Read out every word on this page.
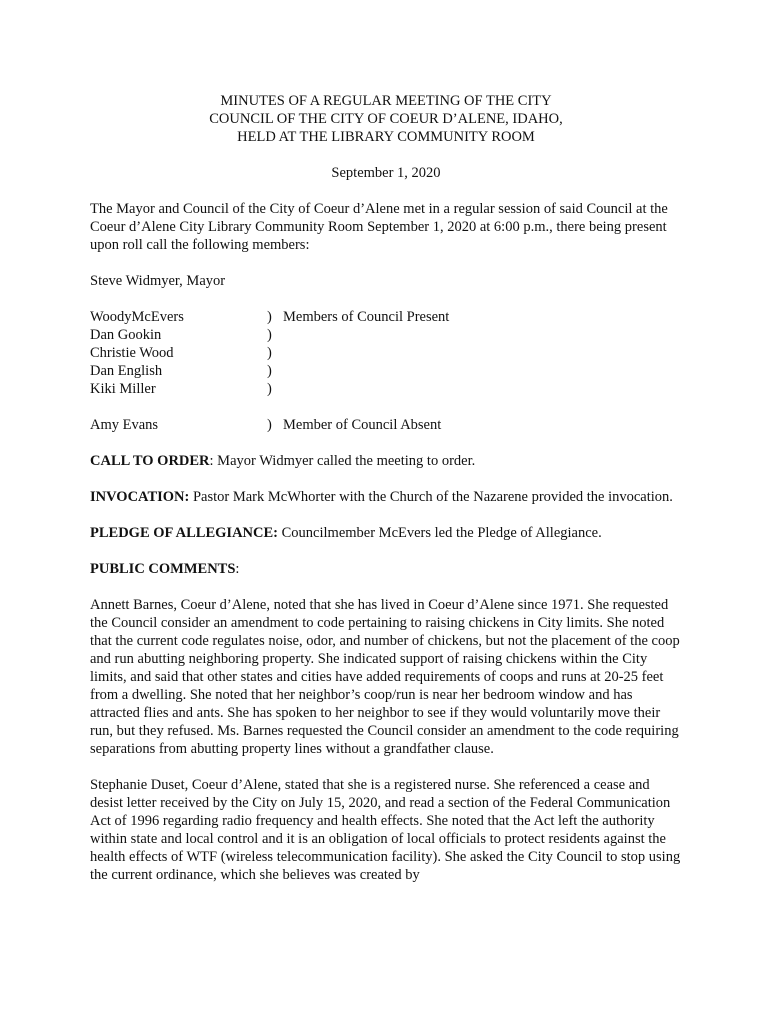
MINUTES OF A REGULAR MEETING OF THE CITY
COUNCIL OF THE CITY OF COEUR D’ALENE, IDAHO,
HELD AT THE LIBRARY COMMUNITY ROOM
September 1, 2020

The Mayor and Council of the City of Coeur d’Alene met in a regular session of said Council at the Coeur d’Alene City Library Community Room September 1, 2020 at 6:00 p.m., there being present upon roll call the following members:

Steve Widmyer, Mayor

WoodyMcEvers	) Members of Council Present
Dan Gookin	)
Christie Wood	)
Dan English	)
Kiki Miller	)
Amy Evans	) Member of Council Absent

CALL TO ORDER: Mayor Widmyer called the meeting to order.

INVOCATION: Pastor Mark McWhorter with the Church of the Nazarene provided the invocation.

PLEDGE OF ALLEGIANCE: Councilmember McEvers led the Pledge of Allegiance.

PUBLIC COMMENTS:

Annett Barnes, Coeur d’Alene, noted that she has lived in Coeur d’Alene since 1971. She requested the Council consider an amendment to code pertaining to raising chickens in City limits. She noted that the current code regulates noise, odor, and number of chickens, but not the placement of the coop and run abutting neighboring property. She indicated support of raising chickens within the City limits, and said that other states and cities have added requirements of coops and runs at 20-25 feet from a dwelling. She noted that her neighbor’s coop/run is near her bedroom window and has attracted flies and ants. She has spoken to her neighbor to see if they would voluntarily move their run, but they refused. Ms. Barnes requested the Council consider an amendment to the code requiring separations from abutting property lines without a grandfather clause.

Stephanie Duset, Coeur d’Alene, stated that she is a registered nurse. She referenced a cease and desist letter received by the City on July 15, 2020, and read a section of the Federal Communication Act of 1996 regarding radio frequency and health effects. She noted that the Act left the authority within state and local control and it is an obligation of local officials to protect residents against the health effects of WTF (wireless telecommunication facility). She asked the City Council to stop using the current ordinance, which she believes was created by
